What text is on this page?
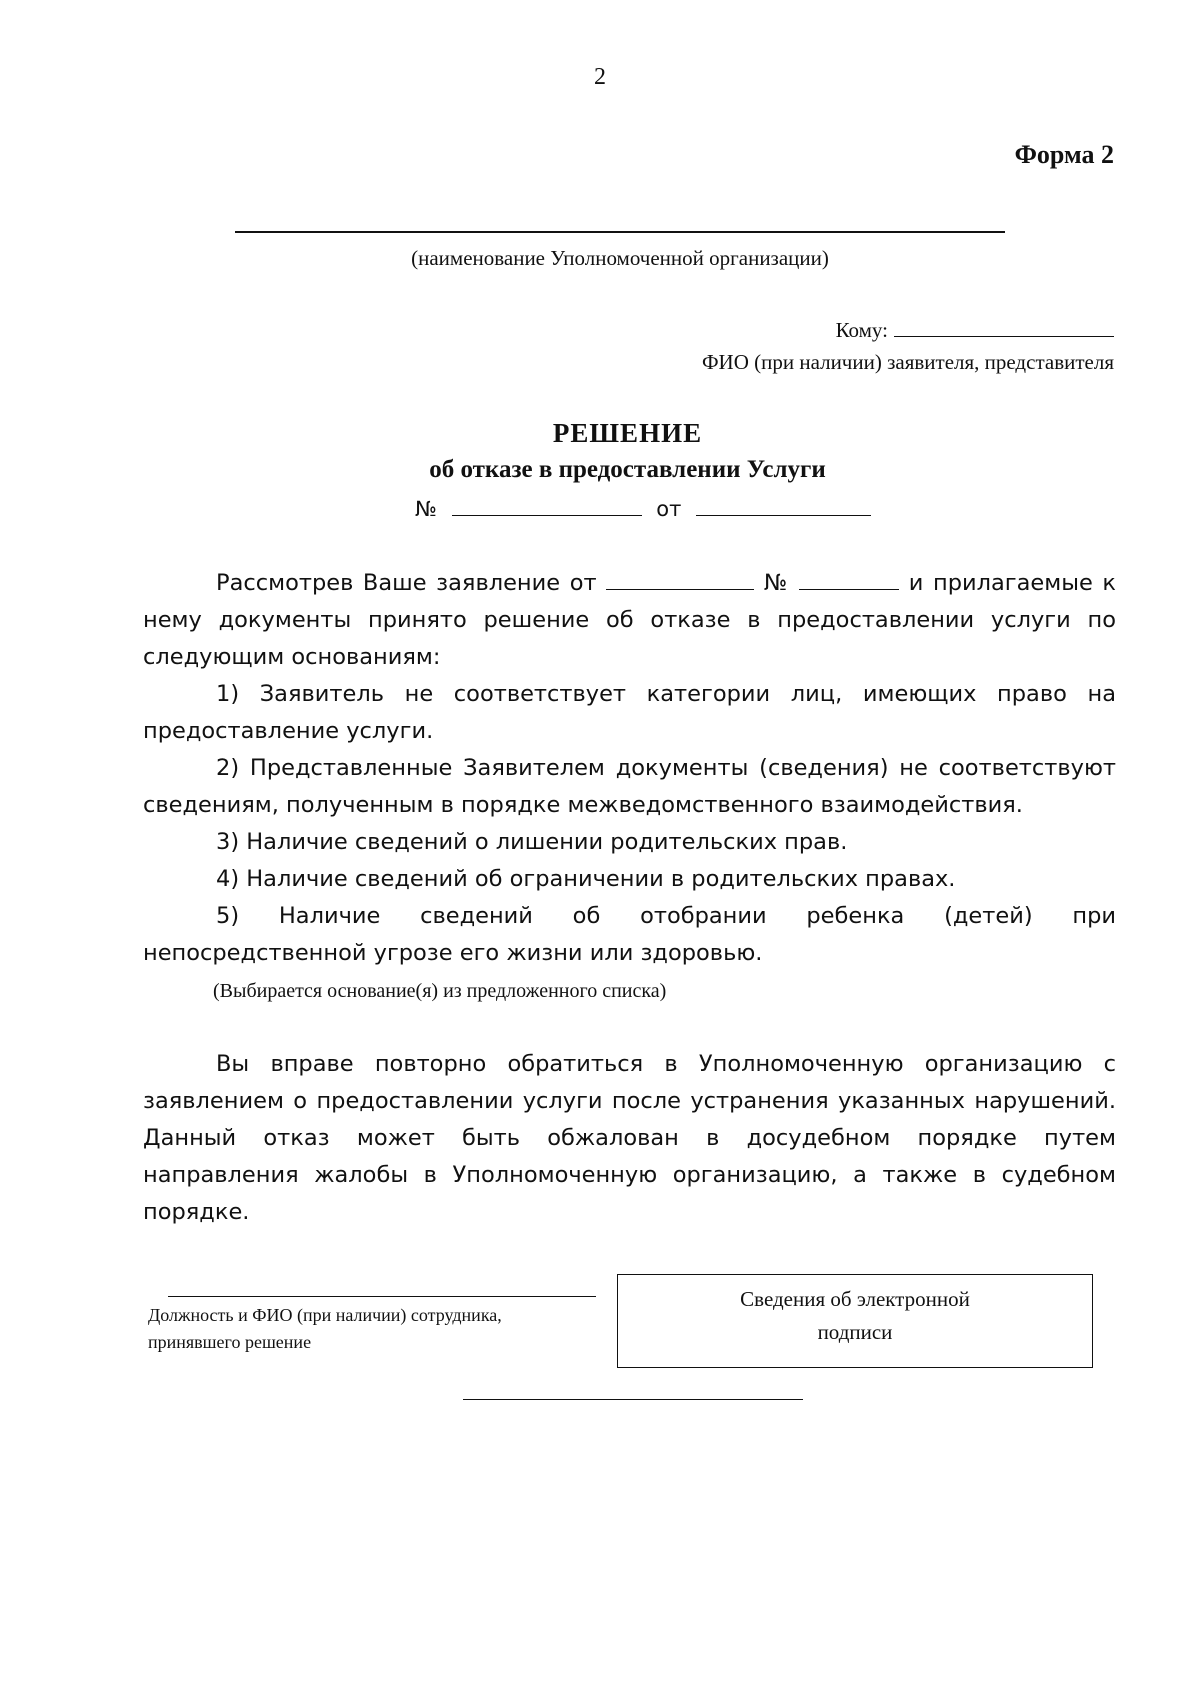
2
Форма 2
(наименование Уполномоченной организации)
Кому:
ФИО (при наличии) заявителя, представителя
РЕШЕНИЕ
об отказе в предоставлении Услуги
№	от

Рассмотрев Ваше заявление от	№	и прилагаемые к нему документы принято решение об отказе в предоставлении услуги по следующим основаниям:

1) Заявитель не соответствует категории лиц, имеющих право на предоставление услуги.

2) Представленные Заявителем документы (сведения) не соответствуют сведениям, полученным в порядке межведомственного взаимодействия.

3) Наличие сведений о лишении родительских прав.

4) Наличие сведений об ограничении в родительских правах.

5) Наличие сведений об отобрании ребенка (детей) при непосредственной угрозе его жизни или здоровью.

(Выбирается основание(я) из предложенного списка)

Вы вправе повторно обратиться в Уполномоченную организацию с заявлением о предоставлении услуги после устранения указанных нарушений. Данный отказ может быть обжалован в досудебном порядке путем направления жалобы в Уполномоченную организацию, а также в судебном порядке.

Должность и ФИО (при наличии) сотрудника,
принявшего решение
Сведения об электронной
подписи
